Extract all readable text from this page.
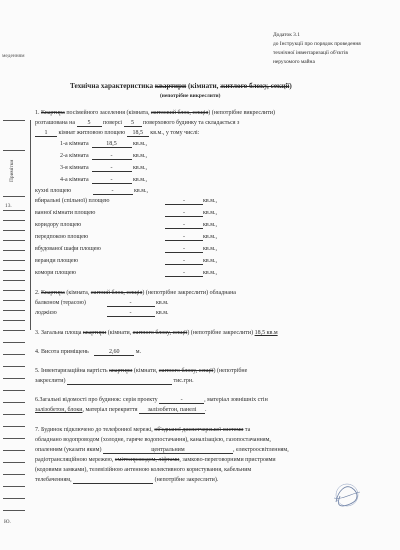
меденням
Примітки
13.
Ю.
Додаток 3.1
до Інструкції про порядок проведення
технічної інвентаризації об'єктів
нерухомого майна
Технічна характеристика квартири (кімнати, житлого блоку, секції)
(непотрібне викреслити)
1. Квартира посімейного заселення (кімната, житловий блок, секція) (непотрібне викреслити)
розташована на 5 поверсі 5 поверхового будинку та складається з
1 кімнат житловою площею 18,5 кв.м., у тому числі:
1-а кімната	18,5	кв.м.,
2-а кімната	-	кв.м.,
3-я кімната	-	кв.м.,
4-а кімната	-	кв.м.,
кухні площею	-	кв.м.,
вбиральні (спільної) площею	-	кв.м.,
ванної кімнати площею	-	кв.м.,
коридору площею	-	кв.м.,
передпокою площею	-	кв.м.,
вбудованої шафи площею	-	кв.м.,
веранди площею	-	кв.м.,
комори площею	-	кв.м.,
2. Квартира (кімната, житлий блок, секція) (непотрібне закреслити) обладнана
балконом (терасою)	-	кв.м.
лоджією	-	кв.м.
3. Загальна площа квартири (кімнати, житлого блоку, секції) (непотрібне закреслити) 18,5 кв.м
4. Висота приміщень	2,60	м.
5. Інвентаризаційна вартість квартири (кімнати, житлого блоку, секції) (непотрібне
закреслити)	тис.грн.
6.Загальні відомості про будинок: серія проекту	-	, матеріал зовнішніх стін
залізобетон, блоки, матеріал перекриття залізобетон, панелі .
7. Будинок підключено до телефонної мережі, об'єднаної диспетчерської системи та
обладнано водопроводом (холодне, гаряче водопостачання), каналізацією, газопостачанням,
опаленням (указати яким)	центральним	, електроосвітленням,
радіотрансляційною мережею, сміттєпроводом, ліфтами, замково-переговорними пристроями
(кодовими замками), телевізійною антенною колективного користування, кабельним
телебаченням,	(непотрібне закреслити).
